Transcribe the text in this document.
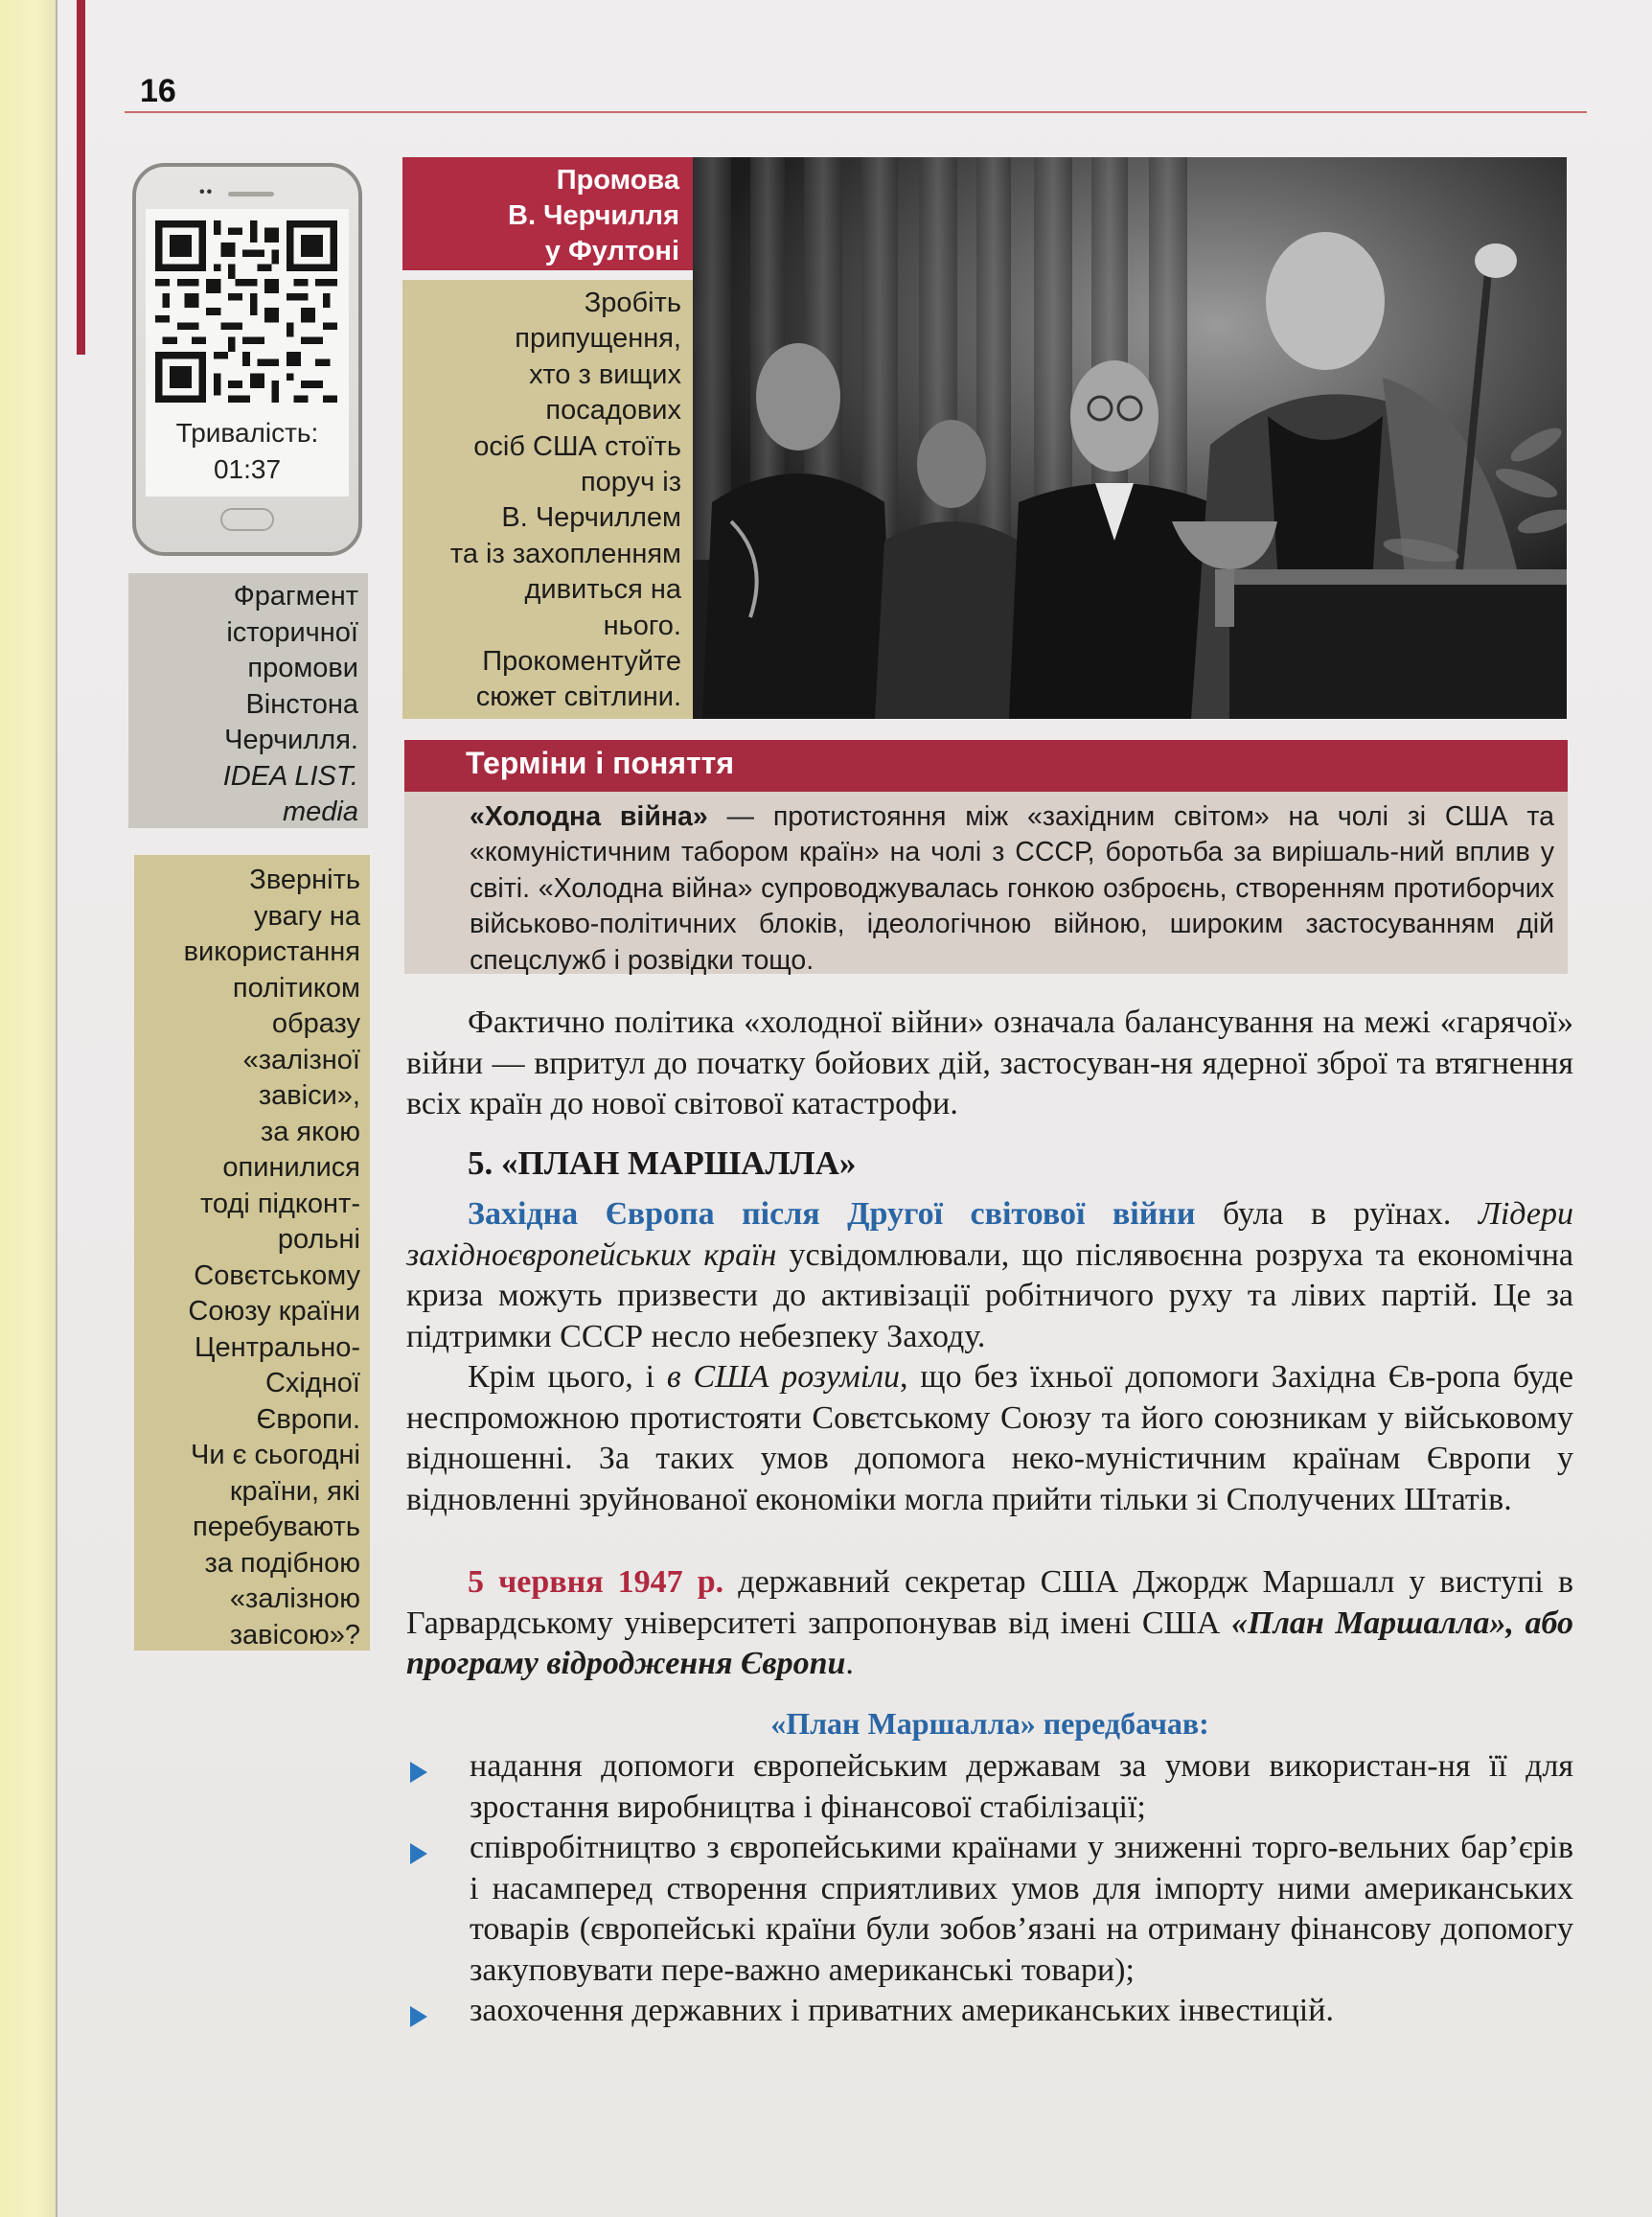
16

••

Тривалість:

01:37

Фрагмент
історичної
промови
Вінстона
Черчилля.
IDEA LIST.
media
Зверніть
увагу на
використання
політиком
образу
«залізної
завіси»,
за якою
опинилися
тоді підконт-
рольні
Совєтському
Союзу країни
Центрально-
Східної
Європи.
Чи є сьогодні
країни, які
перебувають
за подібною
«залізною
завісою»?

Промова

В. Черчилля

у Фултоні

Зробіть
припущення,
хто з вищих
посадових
осіб США стоїть
поруч із
В. Черчиллем
та із захопленням
дивиться на
нього.
Прокоментуйте
сюжет світлини.

Терміни і поняття

«Холодна війна» — протистояння між «західним світом» на чолі зі США та «комуністичним табором країн» на чолі з СССР, боротьба за вирішаль-ний вплив у світі. «Холодна війна» супроводжувалась гонкою озброєнь, створенням протиборчих військово-політичних блоків, ідеологічною війною, широким застосуванням дій спецслужб і розвідки тощо.

Фактично політика «холодної війни» означала балансування на межі «гарячої» війни — впритул до початку бойових дій, застосуван-ня ядерної зброї та втягнення всіх країн до нової світової катастрофи.

5. «ПЛАН МАРШАЛЛА»

Західна Європа після Другої світової війни була в руїнах. Лідери західноєвропейських країн усвідомлювали, що післявоєнна розруха та економічна криза можуть призвести до активізації робітничого руху та лівих партій. Це за підтримки СССР несло небезпеку Заходу.

Крім цього, і в США розуміли, що без їхньої допомоги Західна Єв-ропа буде неспроможною протистояти Совєтському Союзу та його союзникам у військовому відношенні. За таких умов допомога неко-муністичним країнам Європи у відновленні зруйнованої економіки могла прийти тільки зі Сполучених Штатів.

5 червня 1947 р. державний секретар США Джордж Маршалл у виступі в Гарвардському університеті запропонував від імені США «План Маршалла», або програму відродження Європи.

«План Маршалла» передбачав:

надання допомоги європейським державам за умови використан-ня її для зростання виробництва і фінансової стабілізації;
співробітництво з європейськими країнами у зниженні торго-вельних бар’єрів і насамперед створення сприятливих умов для імпорту ними американських товарів (європейські країни були зобов’язані на отриману фінансову допомогу закуповувати пере-важно американські товари);
заохочення державних і приватних американських інвестицій.
